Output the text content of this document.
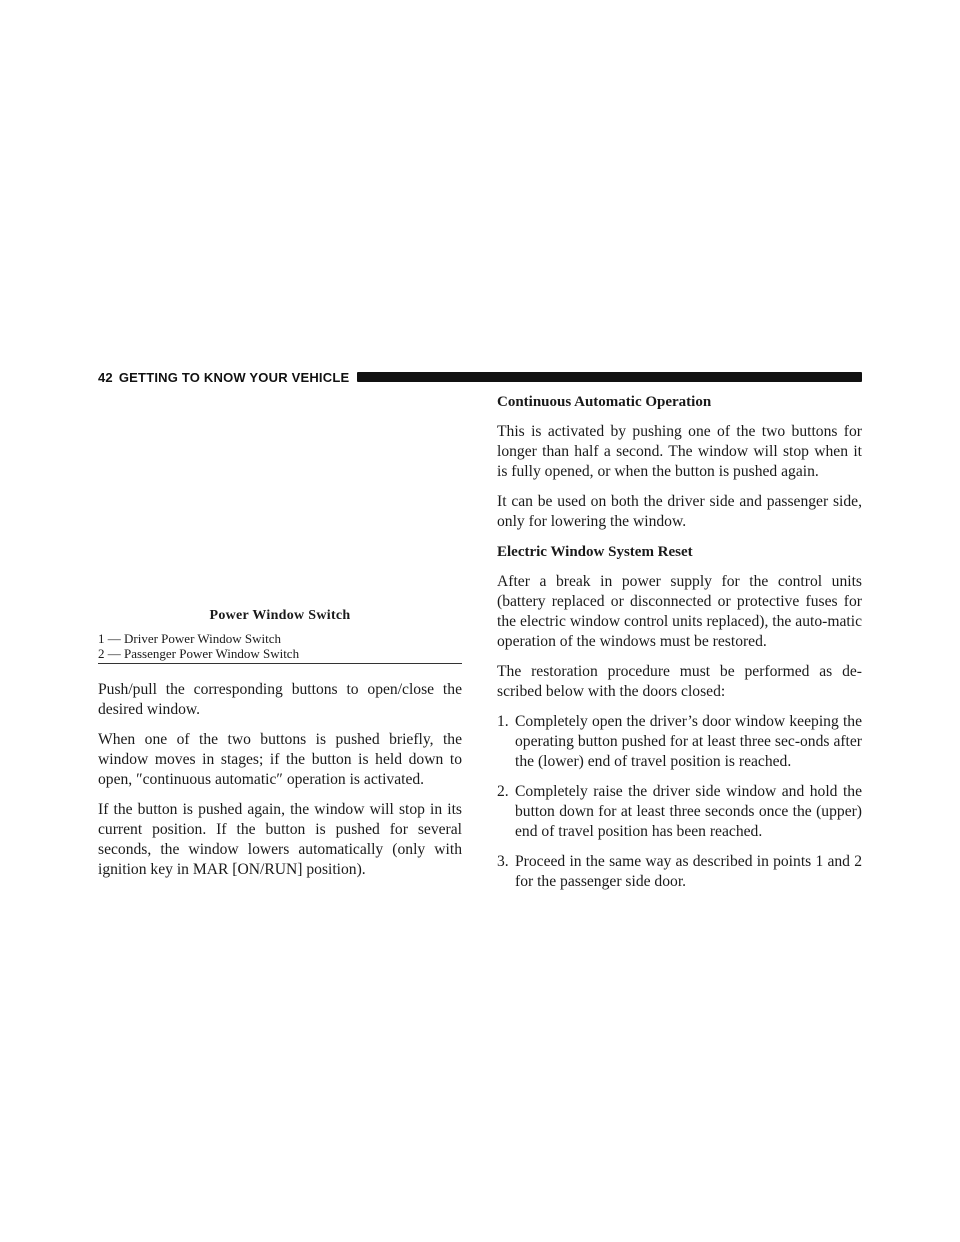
42 GETTING TO KNOW YOUR VEHICLE
Power Window Switch
1 — Driver Power Window Switch
2 — Passenger Power Window Switch

Push/pull the corresponding buttons to open/close the desired window.

When one of the two buttons is pushed briefly, the window moves in stages; if the button is held down to open, ″continuous automatic″ operation is activated.

If the button is pushed again, the window will stop in its current position. If the button is pushed for several seconds, the window lowers automatically (only with ignition key in MAR [ON/RUN] position).

Continuous Automatic Operation

This is activated by pushing one of the two buttons for longer than half a second. The window will stop when it is fully opened, or when the button is pushed again.

It can be used on both the driver side and passenger side, only for lowering the window.

Electric Window System Reset

After a break in power supply for the control units (battery replaced or disconnected or protective fuses for the electric window control units replaced), the auto-matic operation of the windows must be restored.

The restoration procedure must be performed as de-scribed below with the doors closed:

1. Completely open the driver’s door window keeping the operating button pushed for at least three sec-onds after the (lower) end of travel position is reached.
2. Completely raise the driver side window and hold the button down for at least three seconds once the (upper) end of travel position has been reached.
3. Proceed in the same way as described in points 1 and 2 for the passenger side door.
